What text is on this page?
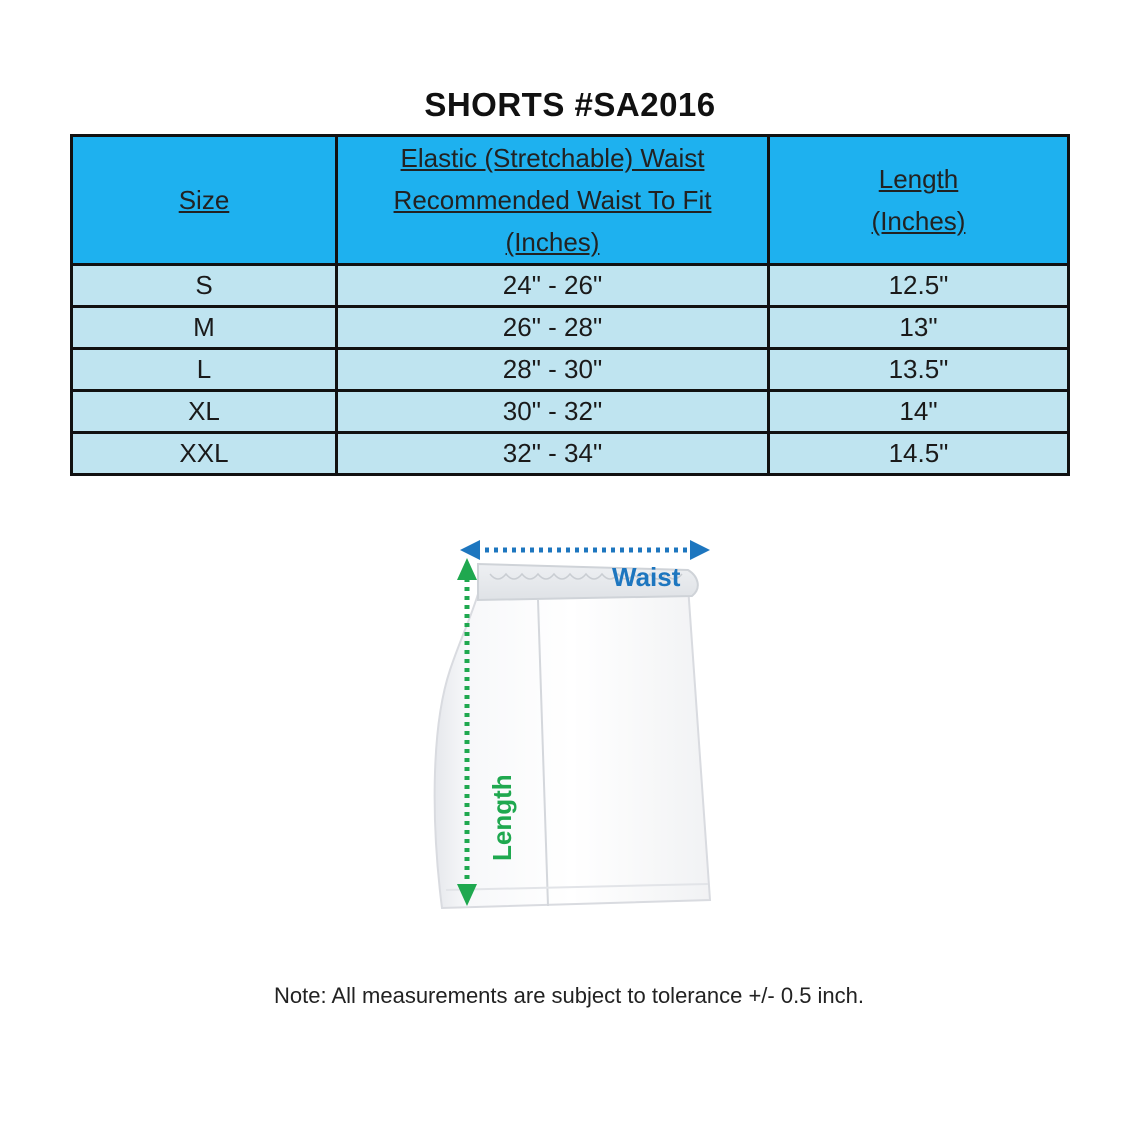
SHORTS #SA2016
Size	Elastic (Stretchable) Waist
Recommended Waist To Fit
(Inches)	Length
(Inches)
S	24" - 26"	12.5"
M	26" - 28"	13"
L	28" - 30"	13.5"
XL	30" - 32"	14"
XXL	32" - 34"	14.5"
Waist
Length
Note: All measurements are subject to tolerance +/- 0.5 inch.
